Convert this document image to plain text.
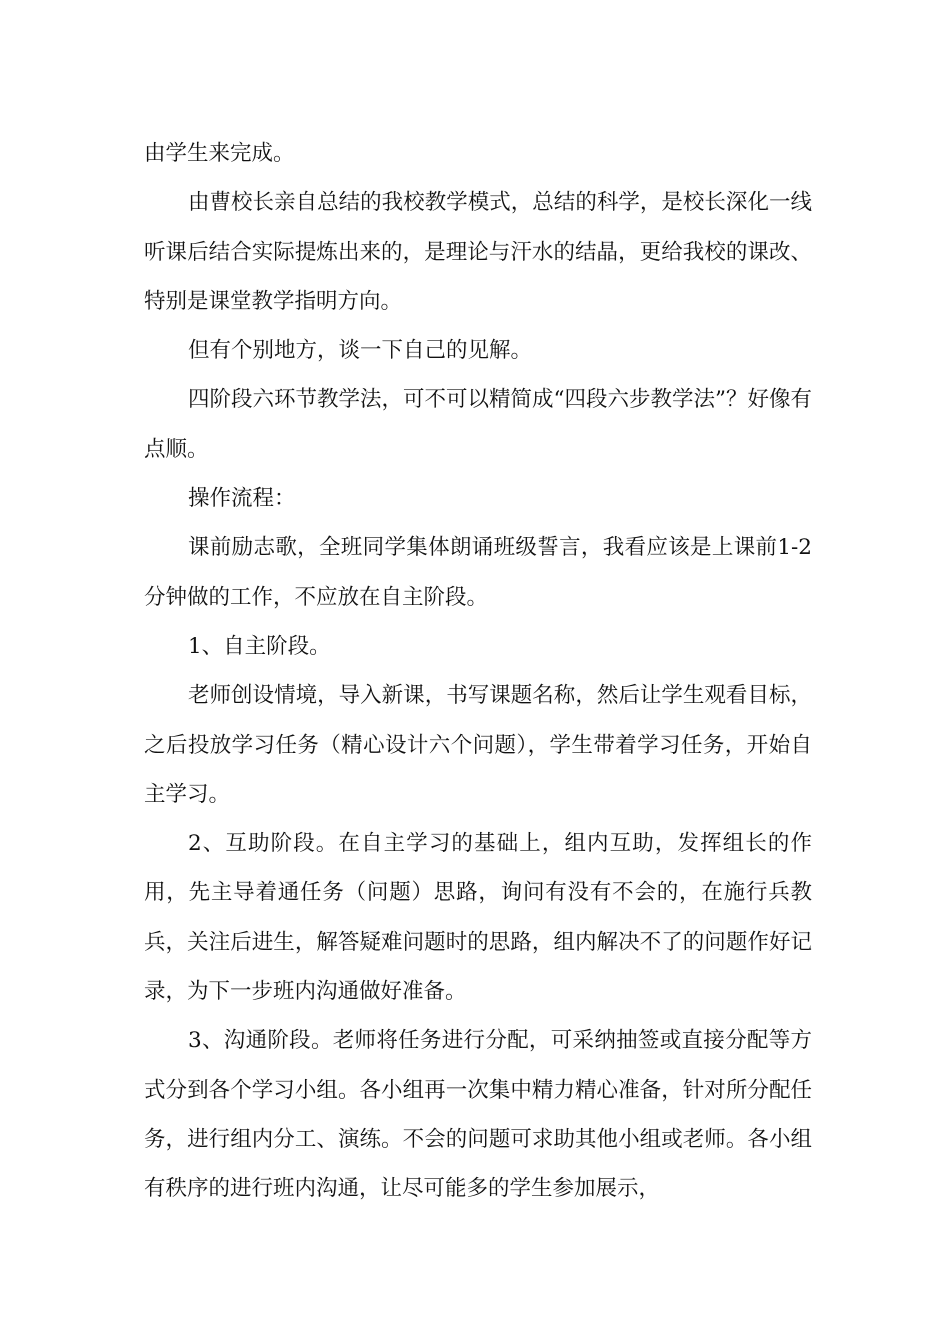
由学生来完成。

由曹校长亲自总结的我校教学模式，总结的科学，是校长深化一线听课后结合实际提炼出来的，是理论与汗水的结晶，更给我校的课改、特别是课堂教学指明方向。

但有个别地方，谈一下自己的见解。

四阶段六环节教学法，可不可以精简成“四段六步教学法”？好像有点顺。

操作流程：

课前励志歌，全班同学集体朗诵班级誓言，我看应该是上课前1-2分钟做的工作，不应放在自主阶段。

1、自主阶段。

老师创设情境，导入新课，书写课题名称，然后让学生观看目标，之后投放学习任务（精心设计六个问题），学生带着学习任务，开始自主学习。

2、互助阶段。在自主学习的基础上，组内互助，发挥组长的作用，先主导着通任务（问题）思路，询问有没有不会的，在施行兵教兵，关注后进生，解答疑难问题时的思路，组内解决不了的问题作好记录，为下一步班内沟通做好准备。

3、沟通阶段。老师将任务进行分配，可采纳抽签或直接分配等方式分到各个学习小组。各小组再一次集中精力精心准备，针对所分配任务，进行组内分工、演练。不会的问题可求助其他小组或老师。各小组有秩序的进行班内沟通，让尽可能多的学生参加展示，
